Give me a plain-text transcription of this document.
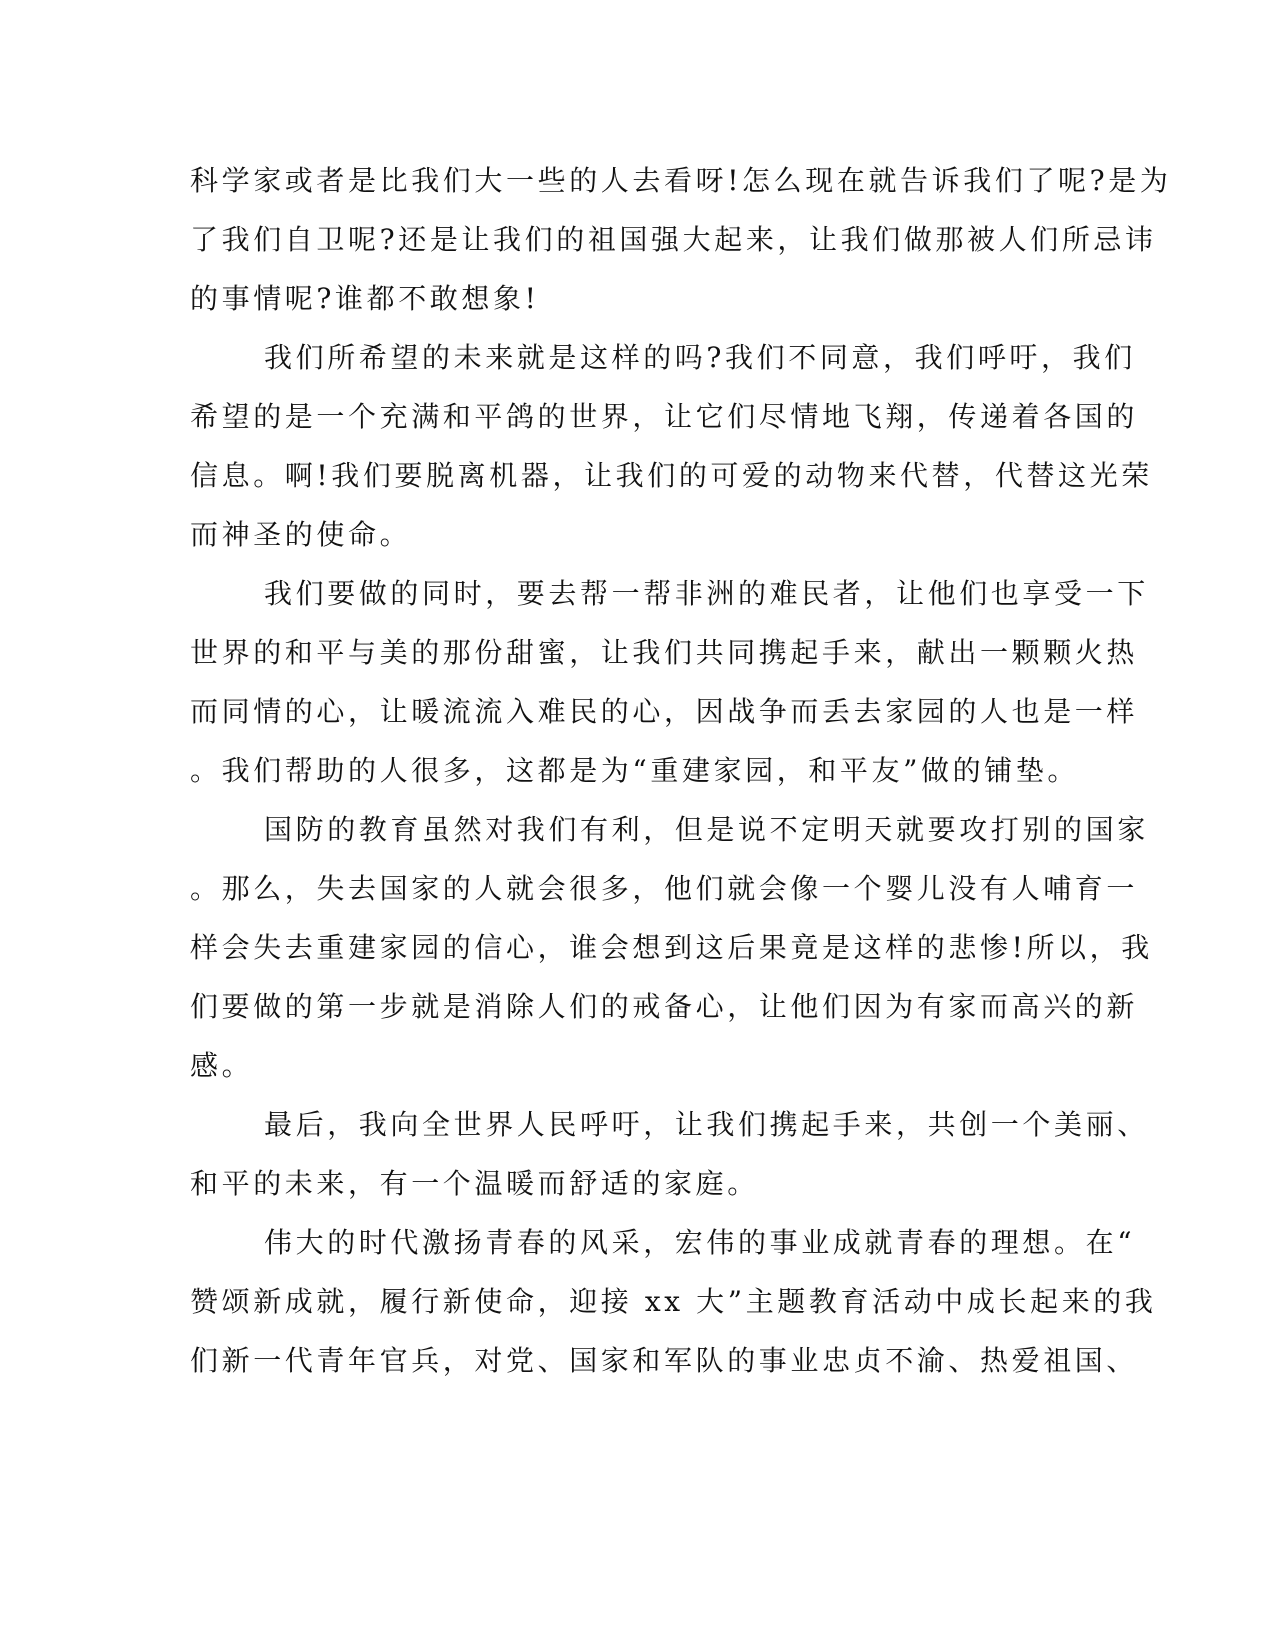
科学家或者是比我们大一些的人去看呀!怎么现在就告诉我们了呢?是为
了我们自卫呢?还是让我们的祖国强大起来，让我们做那被人们所忌讳
的事情呢?谁都不敢想象!
我们所希望的未来就是这样的吗?我们不同意，我们呼吁，我们
希望的是一个充满和平鸽的世界，让它们尽情地飞翔，传递着各国的
信息。啊!我们要脱离机器，让我们的可爱的动物来代替，代替这光荣
而神圣的使命。
我们要做的同时，要去帮一帮非洲的难民者，让他们也享受一下
世界的和平与美的那份甜蜜，让我们共同携起手来，献出一颗颗火热
而同情的心，让暖流流入难民的心，因战争而丢去家园的人也是一样
。我们帮助的人很多，这都是为“重建家园，和平友”做的铺垫。
国防的教育虽然对我们有利，但是说不定明天就要攻打别的国家
。那么，失去国家的人就会很多，他们就会像一个婴儿没有人哺育一
样会失去重建家园的信心，谁会想到这后果竟是这样的悲惨!所以，我
们要做的第一步就是消除人们的戒备心，让他们因为有家而高兴的新
感。
最后，我向全世界人民呼吁，让我们携起手来，共创一个美丽、
和平的未来，有一个温暖而舒适的家庭。
伟大的时代激扬青春的风采，宏伟的事业成就青春的理想。在“
赞颂新成就，履行新使命，迎接 xx 大”主题教育活动中成长起来的我
们新一代青年官兵，对党、国家和军队的事业忠贞不渝、热爱祖国、
